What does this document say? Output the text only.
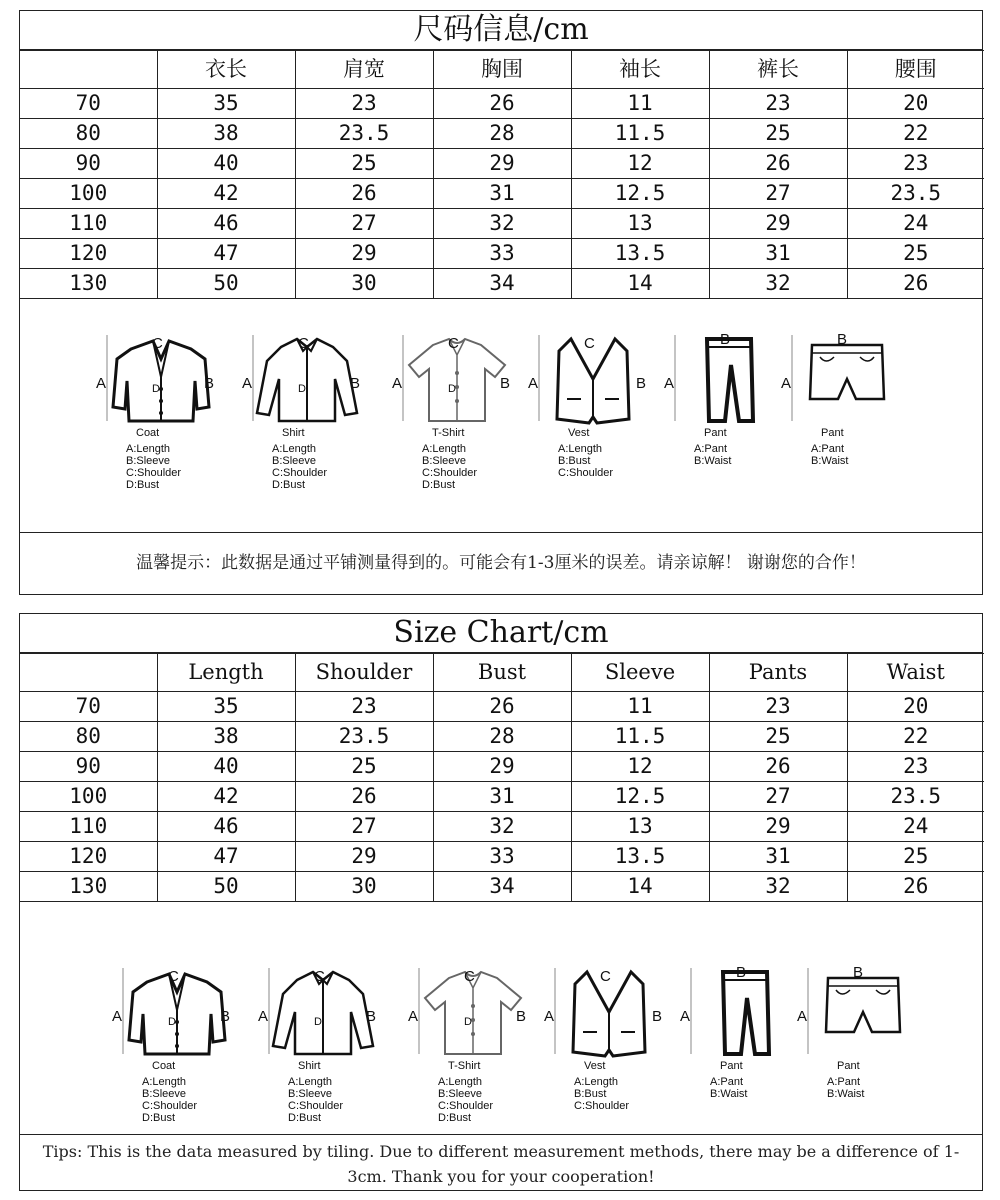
尺码信息/cm
	衣长	肩宽	胸围	袖长	裤长	腰围
70	35	23	26	11	23	20
80	38	23.5	28	11.5	25	22
90	40	25	29	12	26	23
100	42	26	31	12.5	27	23.5
110	46	27	32	13	29	24
120	47	29	33	13.5	31	25
130	50	30	34	14	32	26
A	B
C
D
Coat
A:Length
B:Sleeve
C:Shoulder
D:Bust
A	B
C
D
Shirt
A:Length
B:Sleeve
C:Shoulder
D:Bust
A	B
C
D
T-Shirt
A:Length
B:Sleeve
C:Shoulder
D:Bust
A	B
C
Vest
A:Length
B:Bust
C:Shoulder
A
B
Pant
A:Pant
B:Waist
A
B
Pant
A:Pant
B:Waist
温馨提示：此数据是通过平铺测量得到的。可能会有1-3厘米的误差。请亲谅解！ 谢谢您的合作！
Size Chart/cm
	Length	Shoulder	Bust	Sleeve	Pants	Waist
70	35	23	26	11	23	20
80	38	23.5	28	11.5	25	22
90	40	25	29	12	26	23
100	42	26	31	12.5	27	23.5
110	46	27	32	13	29	24
120	47	29	33	13.5	31	25
130	50	30	34	14	32	26
A	B
C
D
Coat
A:Length
B:Sleeve
C:Shoulder
D:Bust
A	B
C
D
Shirt
A:Length
B:Sleeve
C:Shoulder
D:Bust
A	B
C
D
T-Shirt
A:Length
B:Sleeve
C:Shoulder
D:Bust
A	B
C
Vest
A:Length
B:Bust
C:Shoulder
A
B
Pant
A:Pant
B:Waist
A
B
Pant
A:Pant
B:Waist
Tips: This is the data measured by tiling. Due to different measurement methods, there may be a difference of 1-3cm. Thank you for your cooperation!
